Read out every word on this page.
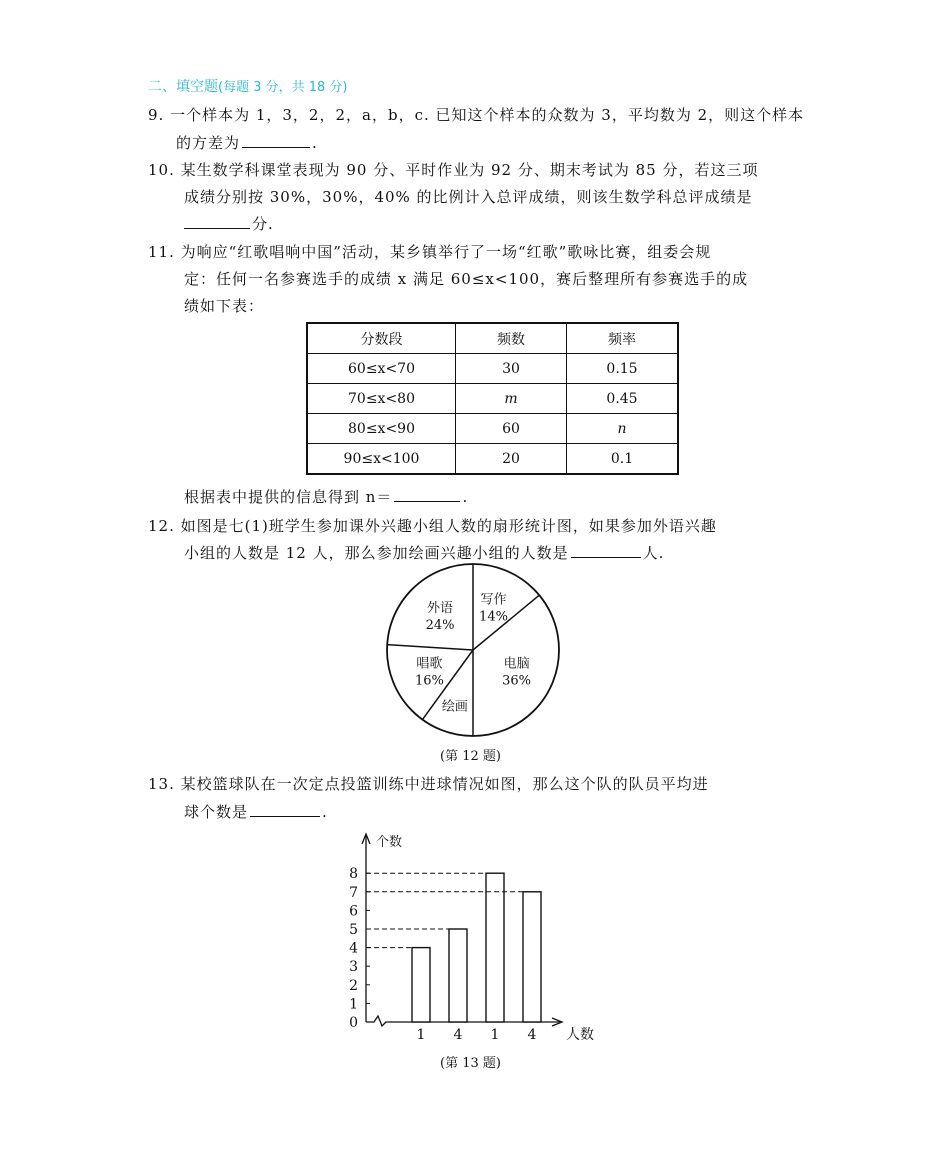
二、填空题(每题 3 分，共 18 分)
9. 一个样本为 1，3，2，2，a，b，c. 已知这个样本的众数为 3，平均数为 2，则这个样本
的方差为	.
10. 某生数学科课堂表现为 90 分、平时作业为 92 分、期末考试为 85 分，若这三项
成绩分别按 30%，30%，40% 的比例计入总评成绩，则该生数学科总评成绩是
分.
11. 为响应“红歌唱响中国”活动，某乡镇举行了一场“红歌”歌咏比赛，组委会规
定：任何一名参赛选手的成绩 x 满足 60≤x<100，赛后整理所有参赛选手的成
绩如下表：
分数段	频数	频率
60≤x<70	30	0.15
70≤x<80	m	0.45
80≤x<90	60	n
90≤x<100	20	0.1
根据表中提供的信息得到 n＝	.
12. 如图是七(1)班学生参加课外兴趣小组人数的扇形统计图，如果参加外语兴趣
小组的人数是 12 人，那么参加绘画兴趣小组的人数是	人.
写作
14%
电脑
36%
绘画
唱歌
16%
外语
24%
(第 12 题)
13. 某校篮球队在一次定点投篮训练中进球情况如图，那么这个队的队员平均进
球个数是	.
0
1
2
3
4
5
6
7
8
个数
人数
1 4 1 4
(第 13 题)
